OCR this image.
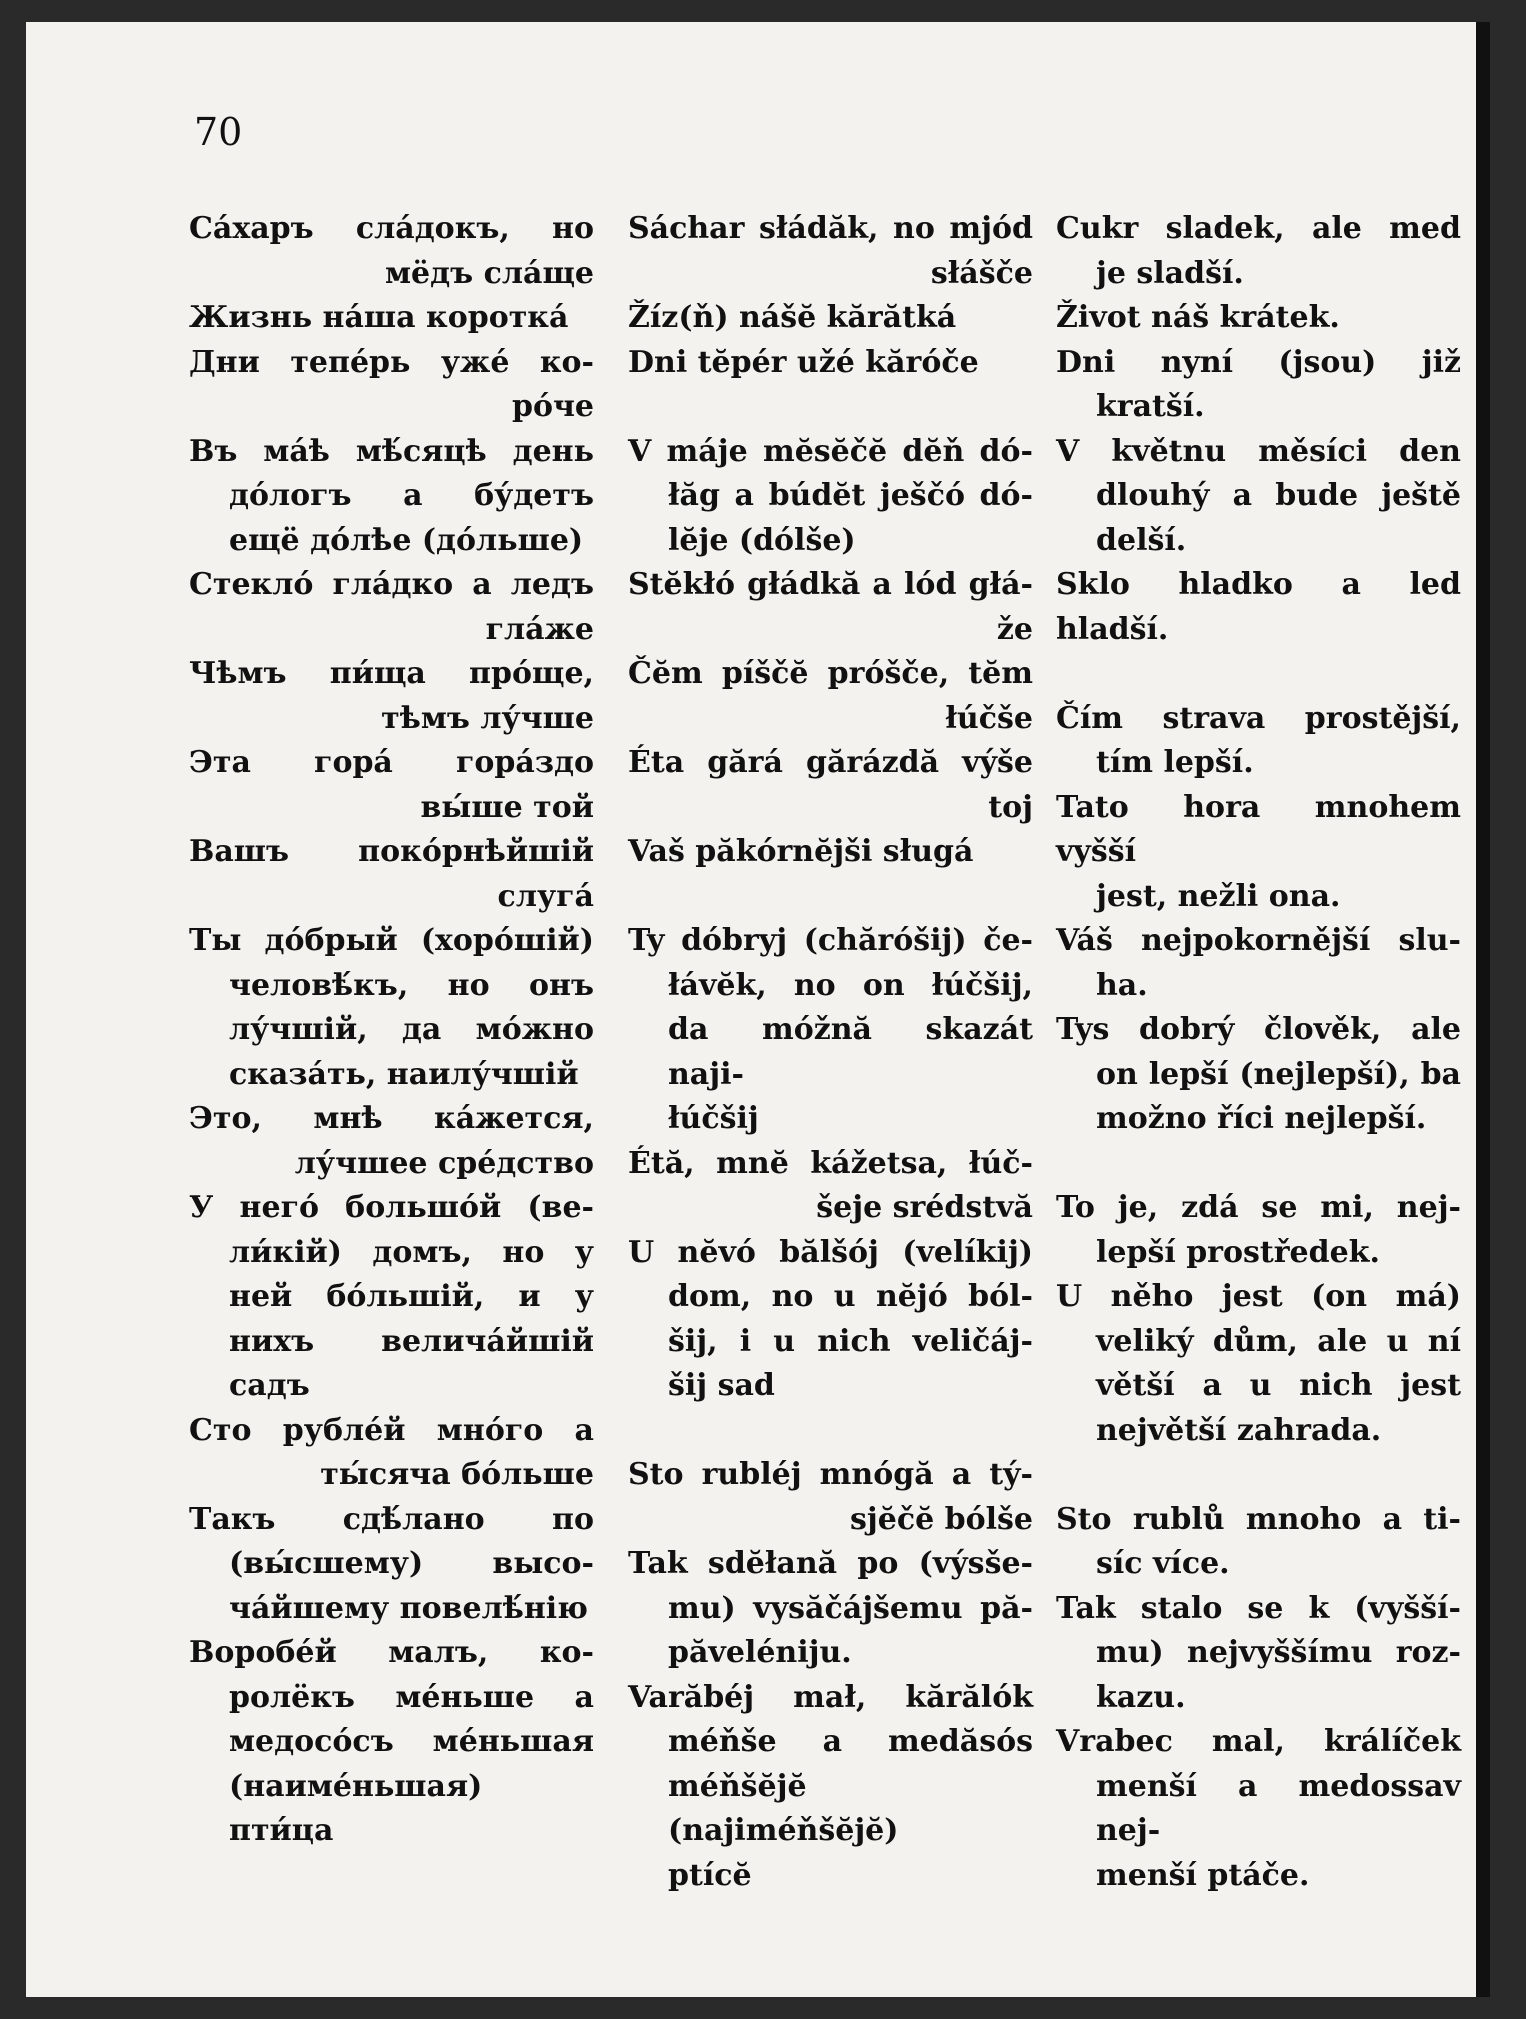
70
Са́харъ сла́докъ, но
мёдъ сла́ще
Жизнь на́ша коротка́
Дни тепе́рь уже́ ко-
ро́че
Въ ма́ѣ мѣ́сяцѣ день
до́логъ а бу́детъ
ещё до́лѣе (до́льше)
Стекло́ гла́дко а ледъ
гла́же
Чѣмъ пи́ща про́ще,
тѣмъ лу́чше
Эта гора́ гора́здо
вы́ше той
Вашъ поко́рнѣйшій
слуга́
Ты до́брый (хоро́шій)
человѣ́къ, но онъ
лу́чшій, да мо́жно
сказа́ть, наилу́чшій
Это, мнѣ ка́жется,
лу́чшее сре́дство
У него́ большо́й (ве-
ли́кій) домъ, но у
ней бо́льшій, и у
нихъ велича́йшій
садъ
Сто рубле́й мно́го а
ты́сяча бо́льше
Такъ сдѣ́лано по
(вы́сшему) высо-
ча́йшему повелѣ́нію
Воробе́й малъ, ко-
ролёкъ ме́ньше а
медосо́съ ме́ньшая
(наиме́ньшая)
пти́ца
Sáchar słádăk, no mjód
słášče
Žíz(ň) nášĕ kărătká
Dni tĕpér užé kăróče
V máje mĕsĕčĕ dĕň dó-
łăg a búdĕt ješčó dó-
lĕje (dólše)
Stĕkłó głádkă a lód głá-
že
Čĕm píščĕ próšče, tĕm
łúčše
Éta gărá gărázdă výše
toj
Vaš păkórnĕjši sługá
Ty dóbryj (chăróšij) če-
łávĕk, no on łúčšij,
da móžnă skazát naji-
łúčšij
Étă, mnĕ kážetsa, łúč-
šeje srédstvă
U nĕvó bălšój (velíkij)
dom, no u nĕjó ból-
šij, i u nich veličáj-
šij sad
Sto rubléj mnógă a tý-
sjĕčĕ bólše
Tak sdĕłană po (výsše-
mu) vysăčájšemu pă-
păveléniju.
Varăbéj mał, kărălók
méňše a medăsós
méňšĕjĕ (najiméňšĕjĕ)
ptícĕ
Cukr sladek, ale med
je sladší.
Život náš krátek.
Dni nyní (jsou) již
kratší.
V květnu měsíci den
dlouhý a bude ještě
delší.
Sklo hladko a led hladší.
Čím strava prostější,
tím lepší.
Tato hora mnohem vyšší
jest, nežli ona.
Váš nejpokornější slu-
ha.
Tys dobrý člověk, ale
on lepší (nejlepší), ba
možno říci nejlepší.
To je, zdá se mi, nej-
lepší prostředek.
U něho jest (on má)
veliký dům, ale u ní
větší a u nich jest
největší zahrada.
Sto rublů mnoho a ti-
síc více.
Tak stalo se k (vyšší-
mu) nejvyššímu roz-
kazu.
Vrabec mal, králíček
menší a medossav nej-
menší ptáče.
